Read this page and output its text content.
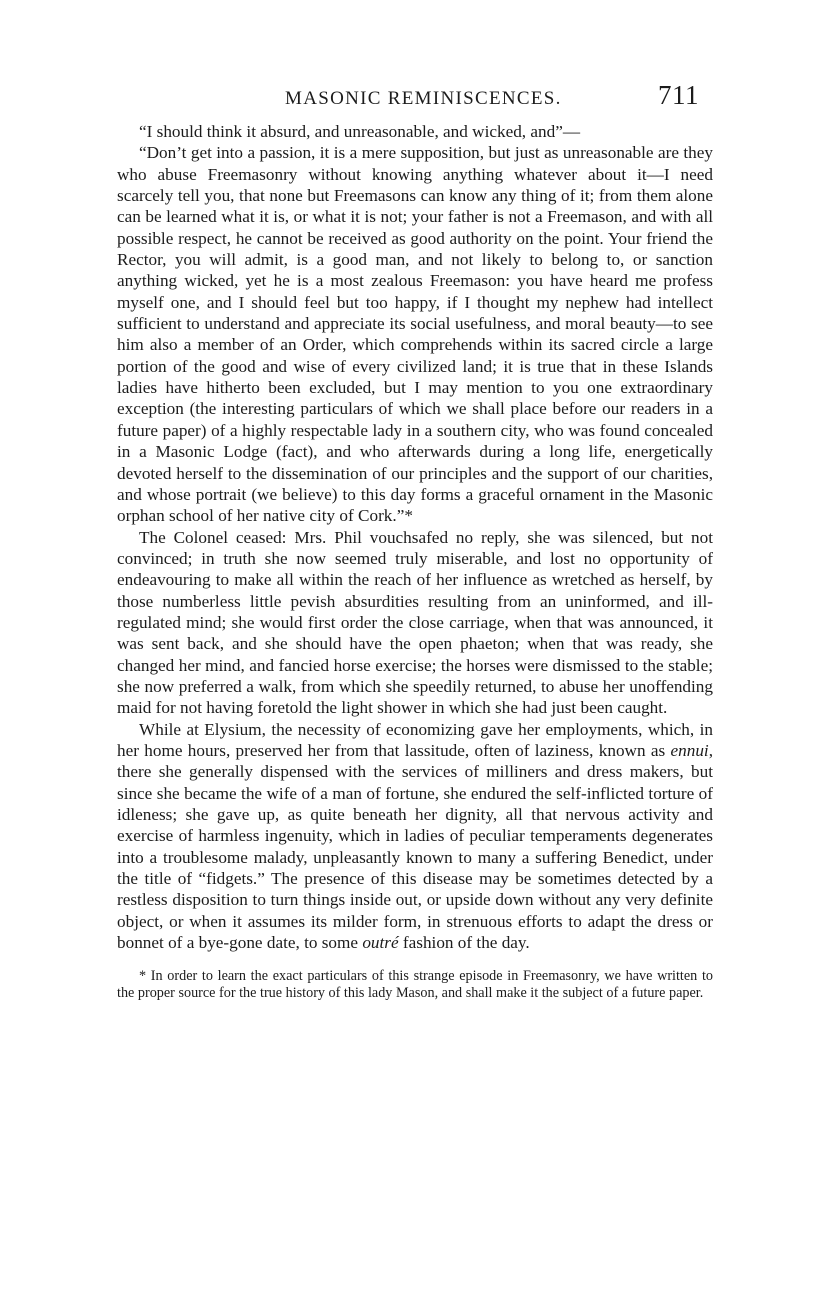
MASONIC REMINISCENCES.	711

“I should think it absurd, and unreasonable, and wicked, and”—

“Don’t get into a passion, it is a mere supposition, but just as unreasonable are they who abuse Freemasonry without knowing anything whatever about it—I need scarcely tell you, that none but Freemasons can know any thing of it; from them alone can be learned what it is, or what it is not; your father is not a Freemason, and with all possible respect, he cannot be received as good authority on the point. Your friend the Rector, you will admit, is a good man, and not likely to belong to, or sanction anything wicked, yet he is a most zealous Freemason: you have heard me profess myself one, and I should feel but too happy, if I thought my nephew had intellect sufficient to understand and appreciate its social usefulness, and moral beauty—to see him also a member of an Order, which comprehends within its sacred circle a large portion of the good and wise of every civilized land; it is true that in these Islands ladies have hitherto been excluded, but I may mention to you one extraordinary exception (the interesting particulars of which we shall place before our readers in a future paper) of a highly respectable lady in a southern city, who was found concealed in a Masonic Lodge (fact), and who afterwards during a long life, energetically devoted herself to the dissemination of our principles and the support of our charities, and whose portrait (we believe) to this day forms a graceful ornament in the Masonic orphan school of her native city of Cork.”*

The Colonel ceased: Mrs. Phil vouchsafed no reply, she was silenced, but not convinced; in truth she now seemed truly miserable, and lost no opportunity of endeavouring to make all within the reach of her influence as wretched as herself, by those numberless little pevish absurdities resulting from an uninformed, and ill-regulated mind; she would first order the close carriage, when that was announced, it was sent back, and she should have the open phaeton; when that was ready, she changed her mind, and fancied horse exercise; the horses were dismissed to the stable; she now preferred a walk, from which she speedily returned, to abuse her unoffending maid for not having foretold the light shower in which she had just been caught.

While at Elysium, the necessity of economizing gave her employments, which, in her home hours, preserved her from that lassitude, often of laziness, known as ennui, there she generally dispensed with the services of milliners and dress makers, but since she became the wife of a man of fortune, she endured the self-inflicted torture of idleness; she gave up, as quite beneath her dignity, all that nervous activity and exercise of harmless ingenuity, which in ladies of peculiar temperaments degenerates into a troublesome malady, unpleasantly known to many a suffering Benedict, under the title of “fidgets.” The presence of this disease may be sometimes detected by a restless disposition to turn things inside out, or upside down without any very definite object, or when it assumes its milder form, in strenuous efforts to adapt the dress or bonnet of a bye-gone date, to some outré fashion of the day.

* In order to learn the exact particulars of this strange episode in Freemasonry, we have written to the proper source for the true history of this lady Mason, and shall make it the subject of a future paper.
